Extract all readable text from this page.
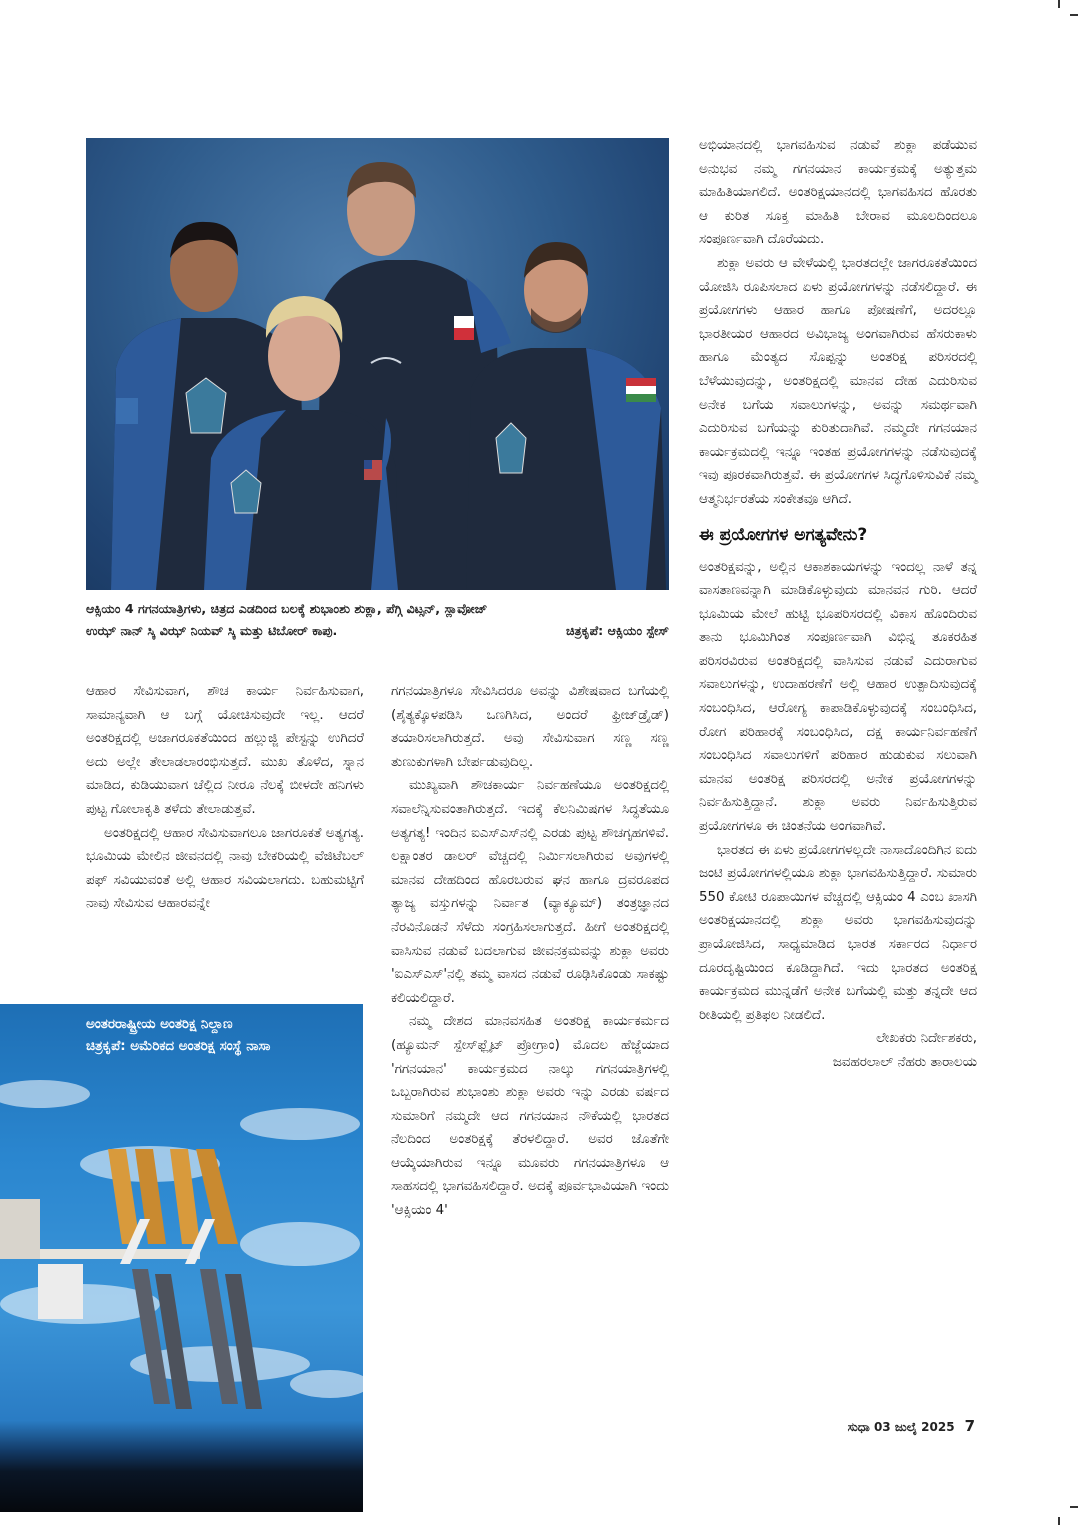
ಆಕ್ಸಿಯಂ 4 ಗಗನಯಾತ್ರಿಗಳು, ಚಿತ್ರದ ಎಡದಿಂದ ಬಲಕ್ಕೆ ಶುಭಾಂಶು ಶುಕ್ಲಾ, ಪೆಗ್ಗಿ ವಿಟ್ಸನ್, ಸ್ಲಾವೋಜ್
ಉಝ್ ನಾನ್ ಸ್ಕಿ ವಿಝ್ ನಿಯವ್ ಸ್ಕಿ ಮತ್ತು ಟಿಬೋರ್ ಕಾಪು.	ಚಿತ್ರಕೃಪೆ: ಆಕ್ಸಿಯಂ ಸ್ಪೇಸ್

ಆಹಾರ ಸೇವಿಸುವಾಗ, ಶೌಚ ಕಾರ್ಯ ನಿರ್ವಹಿಸುವಾಗ, ಸಾಮಾನ್ಯವಾಗಿ ಆ ಬಗ್ಗೆ ಯೋಚಿಸುವುದೇ ಇಲ್ಲ. ಆದರೆ ಅಂತರಿಕ್ಷದಲ್ಲಿ ಅಜಾಗರೂಕತೆಯಿಂದ ಹಲ್ಲುಜ್ಜಿ ಪೇಸ್ಟನ್ನು ಉಗಿದರೆ ಅದು ಅಲ್ಲೇ ತೇಲಾಡಲಾರಂಭಿಸುತ್ತದೆ. ಮುಖ ತೊಳೆದ, ಸ್ನಾನ ಮಾಡಿದ, ಕುಡಿಯುವಾಗ ಚೆಲ್ಲಿದ ನೀರೂ ನೆಲಕ್ಕೆ ಬೀಳದೇ ಹನಿಗಳು ಪುಟ್ಟ ಗೋಲಾಕೃತಿ ತಳೆದು ತೇಲಾಡುತ್ತವೆ.

ಅಂತರಿಕ್ಷದಲ್ಲಿ ಆಹಾರ ಸೇವಿಸುವಾಗಲೂ ಜಾಗರೂಕತೆ ಅತ್ಯಗತ್ಯ. ಭೂಮಿಯ ಮೇಲಿನ ಜೀವನದಲ್ಲಿ ನಾವು ಬೇಕರಿಯಲ್ಲಿ ವೆಜಿಟೆಬಲ್ ಪಫ್ ಸವಿಯುವಂತೆ ಅಲ್ಲಿ ಆಹಾರ ಸವಿಯಲಾಗದು. ಬಹುಮಟ್ಟಿಗೆ ನಾವು ಸೇವಿಸುವ ಆಹಾರವನ್ನೇ

ಅಂತರರಾಷ್ಟ್ರೀಯ ಅಂತರಿಕ್ಷ ನಿಲ್ದಾಣ
ಚಿತ್ರಕೃಪೆ: ಅಮೆರಿಕದ ಅಂತರಿಕ್ಷ ಸಂಸ್ಥೆ ನಾಸಾ

ಗಗನಯಾತ್ರಿಗಳೂ ಸೇವಿಸಿದರೂ ಅವನ್ನು ವಿಶೇಷವಾದ ಬಗೆಯಲ್ಲಿ (ಶೈತ್ಯಕ್ಕೊಳಪಡಿಸಿ ಒಣಗಿಸಿದ, ಅಂದರೆ ಫ್ರೀಜ್‌ಡ್ರೈಡ್) ತಯಾರಿಸಲಾಗಿರುತ್ತದೆ. ಅವು ಸೇವಿಸುವಾಗ ಸಣ್ಣ ಸಣ್ಣ ತುಣುಕುಗಳಾಗಿ ಬೇರ್ಪಡುವುದಿಲ್ಲ.

ಮುಖ್ಯವಾಗಿ ಶೌಚಕಾರ್ಯ ನಿರ್ವಹಣೆಯೂ ಅಂತರಿಕ್ಷದಲ್ಲಿ ಸವಾಲೆನ್ನಿಸುವಂತಾಗಿರುತ್ತದೆ. ಇದಕ್ಕೆ ಕೆಲನಿಮಿಷಗಳ ಸಿದ್ಧತೆಯೂ ಅತ್ಯಗತ್ಯ! ಇಂದಿನ ಐಎಸ್‌ಎಸ್‌ನಲ್ಲಿ ಎರಡು ಪುಟ್ಟ ಶೌಚಗೃಹಗಳಿವೆ. ಲಕ್ಷಾಂತರ ಡಾಲರ್ ವೆಚ್ಚದಲ್ಲಿ ನಿರ್ಮಿಸಲಾಗಿರುವ ಅವುಗಳಲ್ಲಿ ಮಾನವ ದೇಹದಿಂದ ಹೊರಬರುವ ಘನ ಹಾಗೂ ದ್ರವರೂಪದ ತ್ಯಾಜ್ಯ ವಸ್ತುಗಳನ್ನು ನಿರ್ವಾತ (ವ್ಯಾಕ್ಯೂಮ್) ತಂತ್ರಜ್ಞಾನದ ನೆರವಿನೊಡನೆ ಸೆಳೆದು ಸಂಗ್ರಹಿಸಲಾಗುತ್ತದೆ. ಹೀಗೆ ಅಂತರಿಕ್ಷದಲ್ಲಿ ವಾಸಿಸುವ ನಡುವೆ ಬದಲಾಗುವ ಜೀವನಕ್ರಮವನ್ನು ಶುಕ್ಲಾ ಅವರು 'ಐಎಸ್‌ಎಸ್'ನಲ್ಲಿ ತಮ್ಮ ವಾಸದ ನಡುವೆ ರೂಢಿಸಿಕೊಂಡು ಸಾಕಷ್ಟು ಕಲಿಯಲಿದ್ದಾರೆ.

ನಮ್ಮ ದೇಶದ ಮಾನವಸಹಿತ ಅಂತರಿಕ್ಷ ಕಾರ್ಯಕರ್ಮದ (ಹ್ಯೂಮನ್ ಸ್ಪೇಸ್‌ಫ್ಲೈಟ್ ಪ್ರೋಗ್ರಾಂ) ಮೊದಲ ಹೆಜ್ಜೆಯಾದ 'ಗಗನಯಾನ' ಕಾರ್ಯಕ್ರಮದ ನಾಲ್ಕು ಗಗನಯಾತ್ರಿಗಳಲ್ಲಿ ಒಬ್ಬರಾಗಿರುವ ಶುಭಾಂಶು ಶುಕ್ಲಾ ಅವರು ಇನ್ನು ಎರಡು ವರ್ಷದ ಸುಮಾರಿಗೆ ನಮ್ಮದೇ ಆದ ಗಗನಯಾನ ನೌಕೆಯಲ್ಲಿ ಭಾರತದ ನೆಲದಿಂದ ಅಂತರಿಕ್ಷಕ್ಕೆ ತೆರಳಲಿದ್ದಾರೆ. ಅವರ ಜೊತೆಗೇ ಆಯ್ಕೆಯಾಗಿರುವ ಇನ್ನೂ ಮೂವರು ಗಗನಯಾತ್ರಿಗಳೂ ಆ ಸಾಹಸದಲ್ಲಿ ಭಾಗವಹಿಸಲಿದ್ದಾರೆ. ಅದಕ್ಕೆ ಪೂರ್ವಭಾವಿಯಾಗಿ ಇಂದು 'ಆಕ್ಸಿಯಂ 4'

ಅಭಿಯಾನದಲ್ಲಿ ಭಾಗವಹಿಸುವ ನಡುವೆ ಶುಕ್ಲಾ ಪಡೆಯುವ ಅನುಭವ ನಮ್ಮ ಗಗನಯಾನ ಕಾರ್ಯಕ್ರಮಕ್ಕೆ ಅತ್ಯುತ್ತಮ ಮಾಹಿತಿಯಾಗಲಿದೆ. ಅಂತರಿಕ್ಷಯಾನದಲ್ಲಿ ಭಾಗವಹಿಸದ ಹೊರತು ಆ ಕುರಿತ ಸೂಕ್ತ ಮಾಹಿತಿ ಬೇರಾವ ಮೂಲದಿಂದಲೂ ಸಂಪೂರ್ಣವಾಗಿ ದೊರೆಯದು.

ಶುಕ್ಲಾ ಅವರು ಆ ವೇಳೆಯಲ್ಲಿ ಭಾರತದಲ್ಲೇ ಜಾಗರೂಕತೆಯಿಂದ ಯೋಜಿಸಿ ರೂಪಿಸಲಾದ ಏಳು ಪ್ರಯೋಗಗಳನ್ನು ನಡೆಸಲಿದ್ದಾರೆ. ಈ ಪ್ರಯೋಗಗಳು ಆಹಾರ ಹಾಗೂ ಪೋಷಣೆಗೆ, ಅದರಲ್ಲೂ ಭಾರತೀಯರ ಆಹಾರದ ಅವಿಭಾಜ್ಯ ಅಂಗವಾಗಿರುವ ಹೆಸರುಕಾಳು ಹಾಗೂ ಮೆಂತ್ಯದ ಸೊಪ್ಪನ್ನು ಅಂತರಿಕ್ಷ ಪರಿಸರದಲ್ಲಿ ಬೆಳೆಯುವುದನ್ನು, ಅಂತರಿಕ್ಷದಲ್ಲಿ ಮಾನವ ದೇಹ ಎದುರಿಸುವ ಅನೇಕ ಬಗೆಯ ಸವಾಲುಗಳನ್ನು, ಅವನ್ನು ಸಮರ್ಥವಾಗಿ ಎದುರಿಸುವ ಬಗೆಯನ್ನು ಕುರಿತುದಾಗಿವೆ. ನಮ್ಮದೇ ಗಗನಯಾನ ಕಾರ್ಯಕ್ರಮದಲ್ಲಿ ಇನ್ನೂ ಇಂತಹ ಪ್ರಯೋಗಗಳನ್ನು ನಡೆಸುವುದಕ್ಕೆ ಇವು ಪೂರಕವಾಗಿರುತ್ತವೆ. ಈ ಪ್ರಯೋಗಗಳ ಸಿದ್ಧಗೊಳಿಸುವಿಕೆ ನಮ್ಮ ಆತ್ಮನಿರ್ಭರತೆಯ ಸಂಕೇತವೂ ಆಗಿದೆ.

ಈ ಪ್ರಯೋಗಗಳ ಅಗತ್ಯವೇನು?

ಅಂತರಿಕ್ಷವನ್ನು, ಅಲ್ಲಿನ ಆಕಾಶಕಾಯಗಳನ್ನು ಇಂದಲ್ಲ ನಾಳೆ ತನ್ನ ವಾಸತಾಣವನ್ನಾಗಿ ಮಾಡಿಕೊಳ್ಳುವುದು ಮಾನವನ ಗುರಿ. ಆದರೆ ಭೂಮಿಯ ಮೇಲೆ ಹುಟ್ಟಿ ಭೂಪರಿಸರದಲ್ಲಿ ವಿಕಾಸ ಹೊಂದಿರುವ ತಾನು ಭೂಮಿಗಿಂತ ಸಂಪೂರ್ಣವಾಗಿ ವಿಭಿನ್ನ ತೂಕರಹಿತ ಪರಿಸರವಿರುವ ಅಂತರಿಕ್ಷದಲ್ಲಿ ವಾಸಿಸುವ ನಡುವೆ ಎದುರಾಗುವ ಸವಾಲುಗಳನ್ನು, ಉದಾಹರಣೆಗೆ ಅಲ್ಲಿ ಆಹಾರ ಉತ್ಪಾದಿಸುವುದಕ್ಕೆ ಸಂಬಂಧಿಸಿದ, ಆರೋಗ್ಯ ಕಾಪಾಡಿಕೊಳ್ಳುವುದಕ್ಕೆ ಸಂಬಂಧಿಸಿದ, ರೋಗ ಪರಿಹಾರಕ್ಕೆ ಸಂಬಂಧಿಸಿದ, ದಕ್ಷ ಕಾರ್ಯನಿರ್ವಹಣೆಗೆ ಸಂಬಂಧಿಸಿದ ಸವಾಲುಗಳಿಗೆ ಪರಿಹಾರ ಹುಡುಕುವ ಸಲುವಾಗಿ ಮಾನವ ಅಂತರಿಕ್ಷ ಪರಿಸರದಲ್ಲಿ ಅನೇಕ ಪ್ರಯೋಗಗಳನ್ನು ನಿರ್ವಹಿಸುತ್ತಿದ್ದಾನೆ. ಶುಕ್ಲಾ ಅವರು ನಿರ್ವಹಿಸುತ್ತಿರುವ ಪ್ರಯೋಗಗಳೂ ಈ ಚಿಂತನೆಯ ಅಂಗವಾಗಿವೆ.

ಭಾರತದ ಈ ಏಳು ಪ್ರಯೋಗಗಳಲ್ಲದೇ ನಾಸಾದೊಂದಿಗಿನ ಐದು ಜಂಟಿ ಪ್ರಯೋಗಗಳಲ್ಲಿಯೂ ಶುಕ್ಲಾ ಭಾಗವಹಿಸುತ್ತಿದ್ದಾರೆ. ಸುಮಾರು 550 ಕೋಟಿ ರೂಪಾಯಿಗಳ ವೆಚ್ಚದಲ್ಲಿ ಆಕ್ಸಿಯಂ 4 ಎಂಬ ಖಾಸಗಿ ಅಂತರಿಕ್ಷಯಾನದಲ್ಲಿ ಶುಕ್ಲಾ ಅವರು ಭಾಗವಹಿಸುವುದನ್ನು ಪ್ರಾಯೋಜಿಸಿದ, ಸಾಧ್ಯಮಾಡಿದ ಭಾರತ ಸರ್ಕಾರದ ನಿರ್ಧಾರ ದೂರದೃಷ್ಟಿಯಿಂದ ಕೂಡಿದ್ದಾಗಿದೆ. ಇದು ಭಾರತದ ಅಂತರಿಕ್ಷ ಕಾರ್ಯಕ್ರಮದ ಮುನ್ನಡೆಗೆ ಅನೇಕ ಬಗೆಯಲ್ಲಿ ಮತ್ತು ತನ್ನದೇ ಆದ ರೀತಿಯಲ್ಲಿ ಪ್ರತಿಫಲ ನೀಡಲಿದೆ.

ಲೇಖಕರು ನಿರ್ದೇಶಕರು,

ಜವಹರಲಾಲ್ ನೆಹರು ತಾರಾಲಯ

ಸುಧಾ 03 ಜುಲೈ 2025 7
